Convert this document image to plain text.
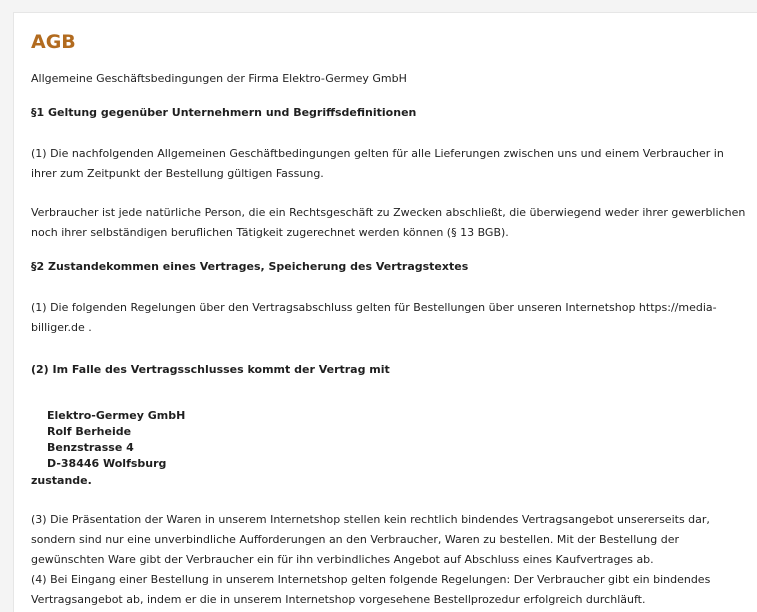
AGB

Allgemeine Geschäftsbedingungen der Firma Elektro-Germey GmbH

§1 Geltung gegenüber Unternehmern und Begriffsdefinitionen

(1) Die nachfolgenden Allgemeinen Geschäftbedingungen gelten für alle Lieferungen zwischen uns und einem Verbraucher in ihrer zum Zeitpunkt der Bestellung gültigen Fassung.

Verbraucher ist jede natürliche Person, die ein Rechtsgeschäft zu Zwecken abschließt, die überwiegend weder ihrer gewerblichen noch ihrer selbständigen beruflichen Tätigkeit zugerechnet werden können (§ 13 BGB).

§2 Zustandekommen eines Vertrages, Speicherung des Vertragstextes

(1) Die folgenden Regelungen über den Vertragsabschluss gelten für Bestellungen über unseren Internetshop https://media-billiger.de .

(2) Im Falle des Vertragsschlusses kommt der Vertrag mit

Elektro-Germey GmbH
Rolf Berheide
Benzstrasse 4
D-38446 Wolfsburg

zustande.

(3) Die Präsentation der Waren in unserem Internetshop stellen kein rechtlich bindendes Vertragsangebot unsererseits dar, sondern sind nur eine unverbindliche Aufforderungen an den Verbraucher, Waren zu bestellen. Mit der Bestellung der gewünschten Ware gibt der Verbraucher ein für ihn verbindliches Angebot auf Abschluss eines Kaufvertrages ab.

(4) Bei Eingang einer Bestellung in unserem Internetshop gelten folgende Regelungen: Der Verbraucher gibt ein bindendes Vertragsangebot ab, indem er die in unserem Internetshop vorgesehene Bestellprozedur erfolgreich durchläuft.
